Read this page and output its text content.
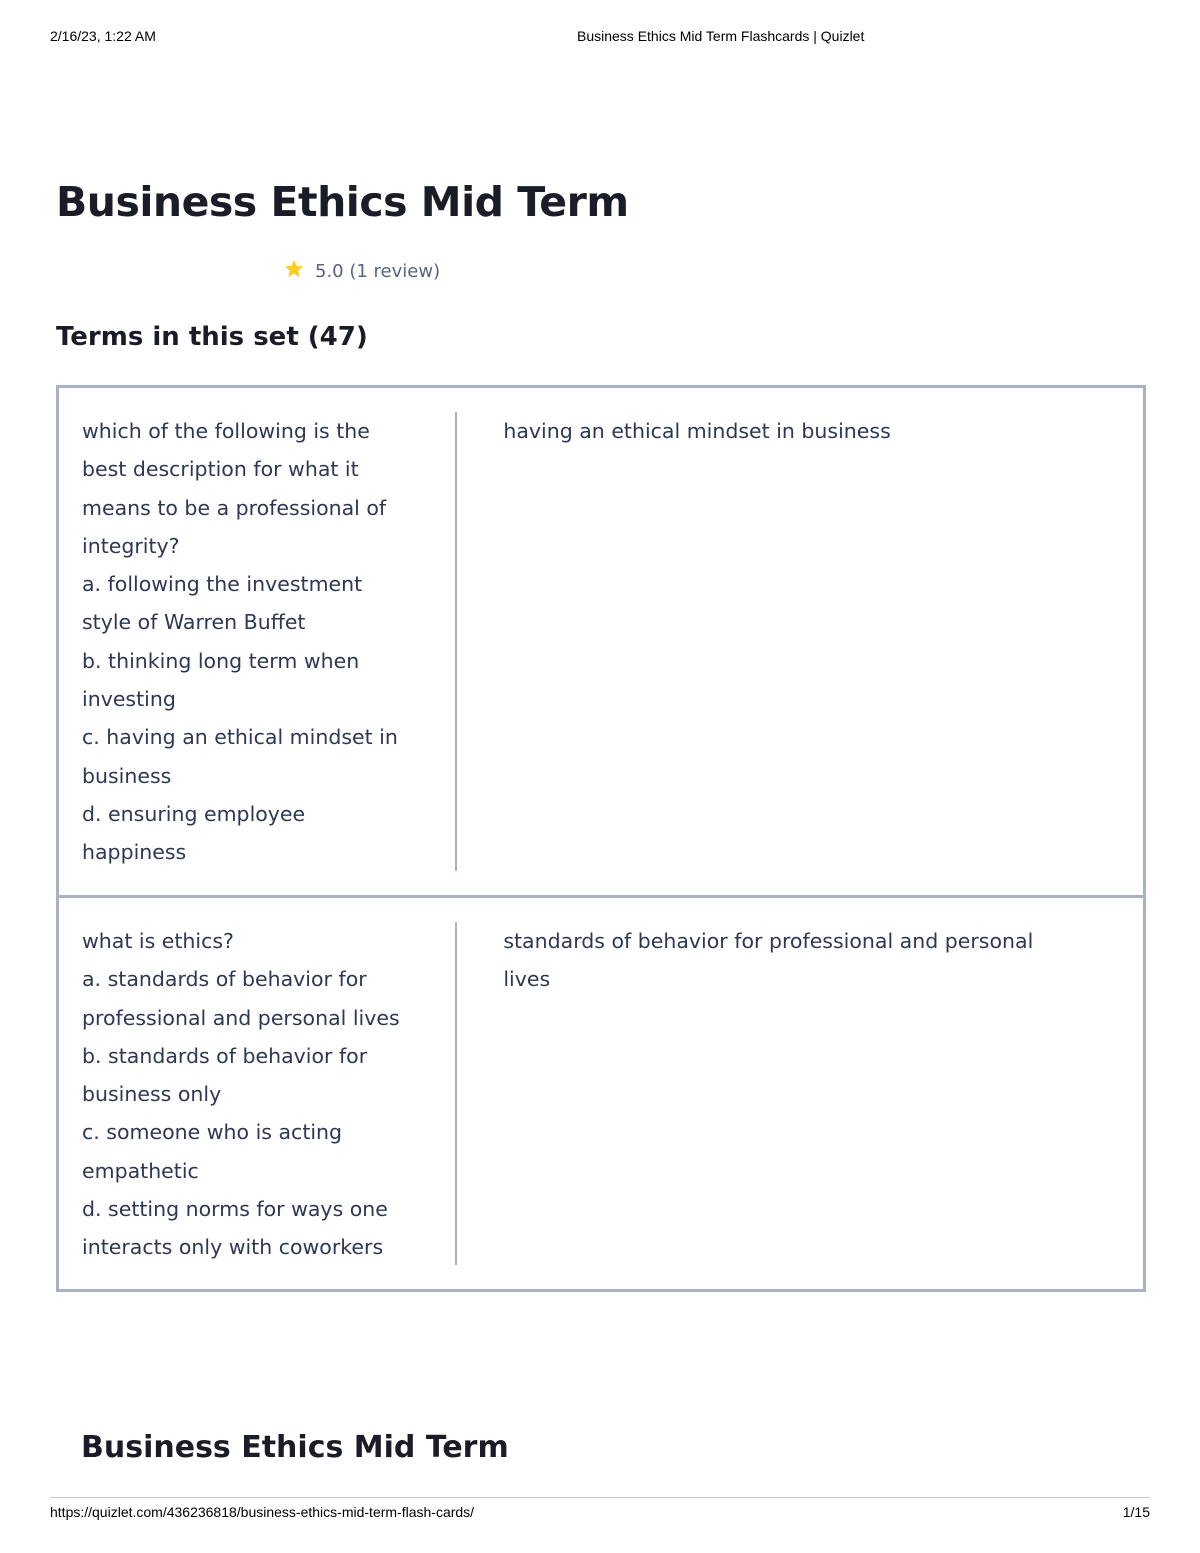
2/16/23, 1:22 AM	Business Ethics Mid Term Flashcards | Quizlet
Business Ethics Mid Term
5.0 (1 review)
Terms in this set (47)
which of the following is the
best description for what it
means to be a professional of
integrity?
a. following the investment
style of Warren Buffet
b. thinking long term when
investing
c. having an ethical mindset in
business
d. ensuring employee
happiness
having an ethical mindset in business
what is ethics?
a. standards of behavior for
professional and personal lives
b. standards of behavior for
business only
c. someone who is acting
empathetic
d. setting norms for ways one
interacts only with coworkers
standards of behavior for professional and personal
lives
Business Ethics Mid Term
https://quizlet.com/436236818/business-ethics-mid-term-flash-cards/	1/15
